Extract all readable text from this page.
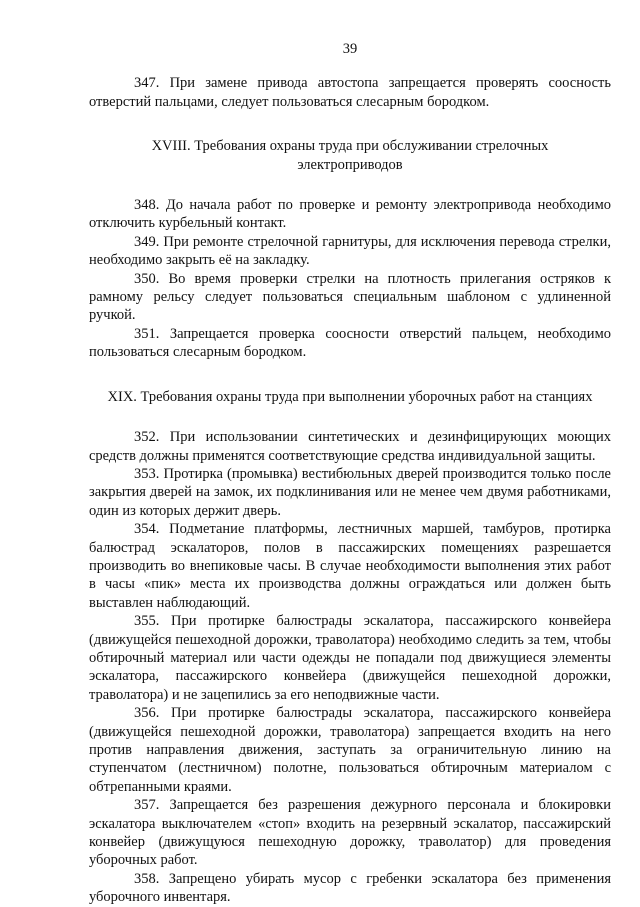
39

347. При замене привода автостопа запрещается проверять соосность отверстий пальцами, следует пользоваться слесарным бородком.

XVIII. Требования охраны труда при обслуживании стрелочных
электроприводов

348. До начала работ по проверке и ремонту электропривода необходимо отключить курбельный контакт.

349. При ремонте стрелочной гарнитуры, для исключения перевода стрелки, необходимо закрыть её на закладку.

350. Во время проверки стрелки на плотность прилегания остряков к рамному рельсу следует пользоваться специальным шаблоном с удлиненной ручкой.

351. Запрещается проверка соосности отверстий пальцем, необходимо пользоваться слесарным бородком.

XIX. Требования охраны труда при выполнении уборочных работ на станциях

352. При использовании синтетических и дезинфицирующих моющих средств должны применятся соответствующие средства индивидуальной защиты.

353. Протирка (промывка) вестибюльных дверей производится только после закрытия дверей на замок, их подклинивания или не менее чем двумя работниками, один из которых держит дверь.

354. Подметание платформы, лестничных маршей, тамбуров, протирка балюстрад эскалаторов, полов в пассажирских помещениях разрешается производить во внепиковые часы. В случае необходимости выполнения этих работ в часы «пик» места их производства должны ограждаться или должен быть выставлен наблюдающий.

355. При протирке балюстрады эскалатора, пассажирского конвейера (движущейся пешеходной дорожки, траволатора) необходимо следить за тем, чтобы обтирочный материал или части одежды не попадали под движущиеся элементы эскалатора, пассажирского конвейера (движущейся пешеходной дорожки, траволатора) и не зацепились за его неподвижные части.

356. При протирке балюстрады эскалатора, пассажирского конвейера (движущейся пешеходной дорожки, траволатора) запрещается входить на него против направления движения, заступать за ограничительную линию на ступенчатом (лестничном) полотне, пользоваться обтирочным материалом с обтрепанными краями.

357. Запрещается без разрешения дежурного персонала и блокировки эскалатора выключателем «стоп» входить на резервный эскалатор, пассажирский конвейер (движущуюся пешеходную дорожку, траволатор) для проведения уборочных работ.

358. Запрещено убирать мусор с гребенки эскалатора без применения уборочного инвентаря.
